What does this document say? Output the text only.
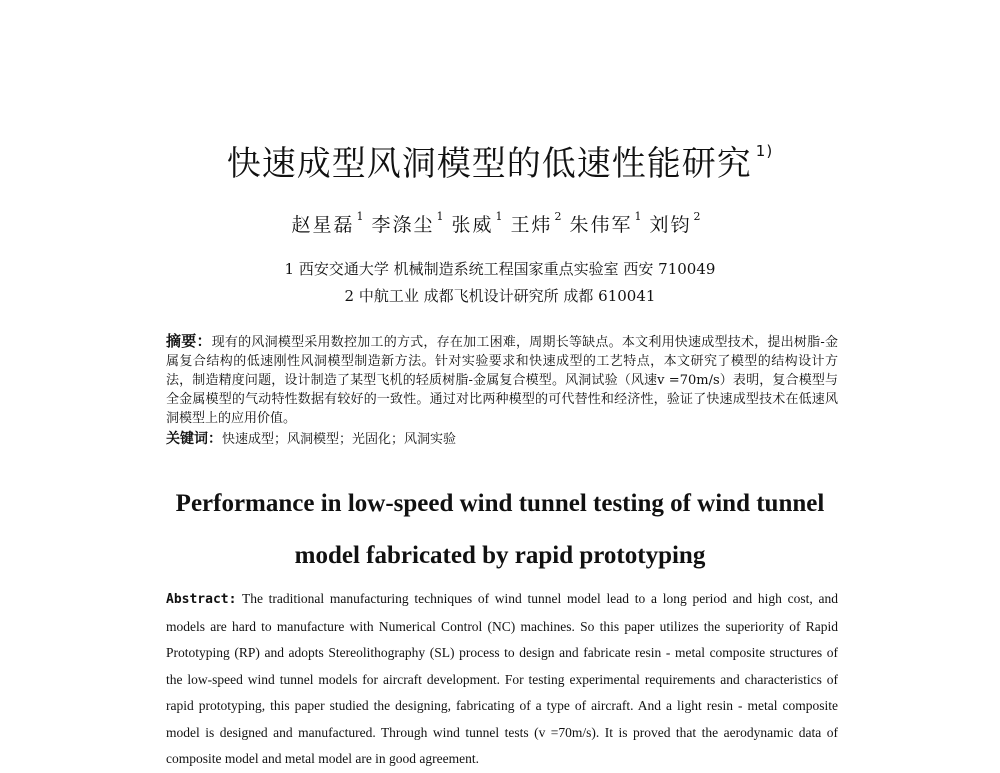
快速成型风洞模型的低速性能研究 $^{1)}$
赵星磊 $^1$ 李涤尘 $^1$ 张威 $^1$ 王炜 $^2$ 朱伟军 $^1$ 刘钧 $^2$
1 西安交通大学 机械制造系统工程国家重点实验室 西安 710049
2 中航工业 成都飞机设计研究所 成都 610041
摘要：现有的风洞模型采用数控加工的方式，存在加工困难，周期长等缺点。本文利用快速成型技术，提出树脂-金属复合结构的低速刚性风洞模型制造新方法。针对实验要求和快速成型的工艺特点，本文研究了模型的结构设计方法，制造精度问题，设计制造了某型飞机的轻质树脂-金属复合模型。风洞试验（风速v =70m/s）表明，复合模型与全金属模型的气动特性数据有较好的一致性。通过对比两种模型的可代替性和经济性，验证了快速成型技术在低速风洞模型上的应用价值。
关键词：快速成型；风洞模型；光固化；风洞实验
Performance in low-speed wind tunnel testing of wind tunnel
model fabricated by rapid prototyping
Abstract: The traditional manufacturing techniques of wind tunnel model lead to a long period and high cost, and models are hard to manufacture with Numerical Control (NC) machines. So this paper utilizes the superiority of Rapid Prototyping (RP) and adopts Stereolithography (SL) process to design and fabricate resin - metal composite structures of the low-speed wind tunnel models for aircraft development. For testing experimental requirements and characteristics of rapid prototyping, this paper studied the designing, fabricating of a type of aircraft. And a light resin - metal composite model is designed and manufactured. Through wind tunnel tests (v =70m/s). It is proved that the aerodynamic data of composite model and metal model are in good agreement.
